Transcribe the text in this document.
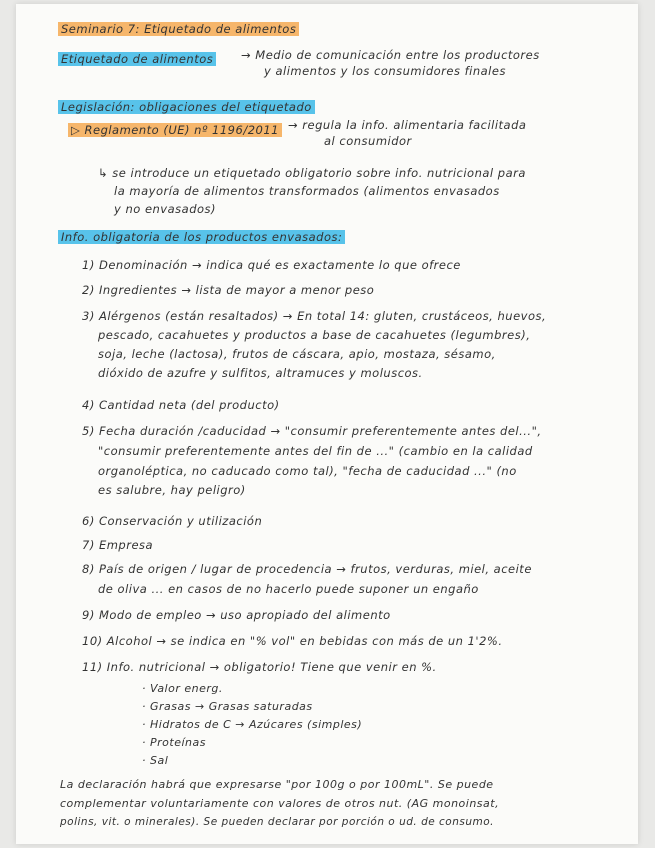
Seminario 7: Etiquetado de alimentos
Etiquetado de alimentos → Medio de comunicación entre los productores
y alimentos y los consumidores finales
Legislación: obligaciones del etiquetado
▷ Reglamento (UE) nº 1196/2011 → regula la info. alimentaria facilitada
al consumidor
↳ se introduce un etiquetado obligatorio sobre info. nutricional para
la mayoría de alimentos transformados (alimentos envasados
y no envasados)
Info. obligatoria de los productos envasados:
1) Denominación → indica qué es exactamente lo que ofrece
2) Ingredientes → lista de mayor a menor peso
3) Alérgenos (están resaltados) → En total 14: gluten, crustáceos, huevos,
pescado, cacahuetes y productos a base de cacahuetes (legumbres),
soja, leche (lactosa), frutos de cáscara, apio, mostaza, sésamo,
dióxido de azufre y sulfitos, altramuces y moluscos.
4) Cantidad neta (del producto)
5) Fecha duración /caducidad → "consumir preferentemente antes del...",
"consumir preferentemente antes del fin de ..." (cambio en la calidad
organoléptica, no caducado como tal), "fecha de caducidad ..." (no
es salubre, hay peligro)
6) Conservación y utilización
7) Empresa
8) País de origen / lugar de procedencia → frutos, verduras, miel, aceite
de oliva ... en casos de no hacerlo puede suponer un engaño
9) Modo de empleo → uso apropiado del alimento
10) Alcohol → se indica en "% vol" en bebidas con más de un 1'2%.
11) Info. nutricional → obligatorio! Tiene que venir en %.
· Valor energ.
· Grasas → Grasas saturadas
· Hidratos de C → Azúcares (simples)
· Proteínas
· Sal
La declaración habrá que expresarse "por 100g o por 100mL". Se puede
complementar voluntariamente con valores de otros nut. (AG monoinsat,
polins, vit. o minerales). Se pueden declarar por porción o ud. de consumo.
